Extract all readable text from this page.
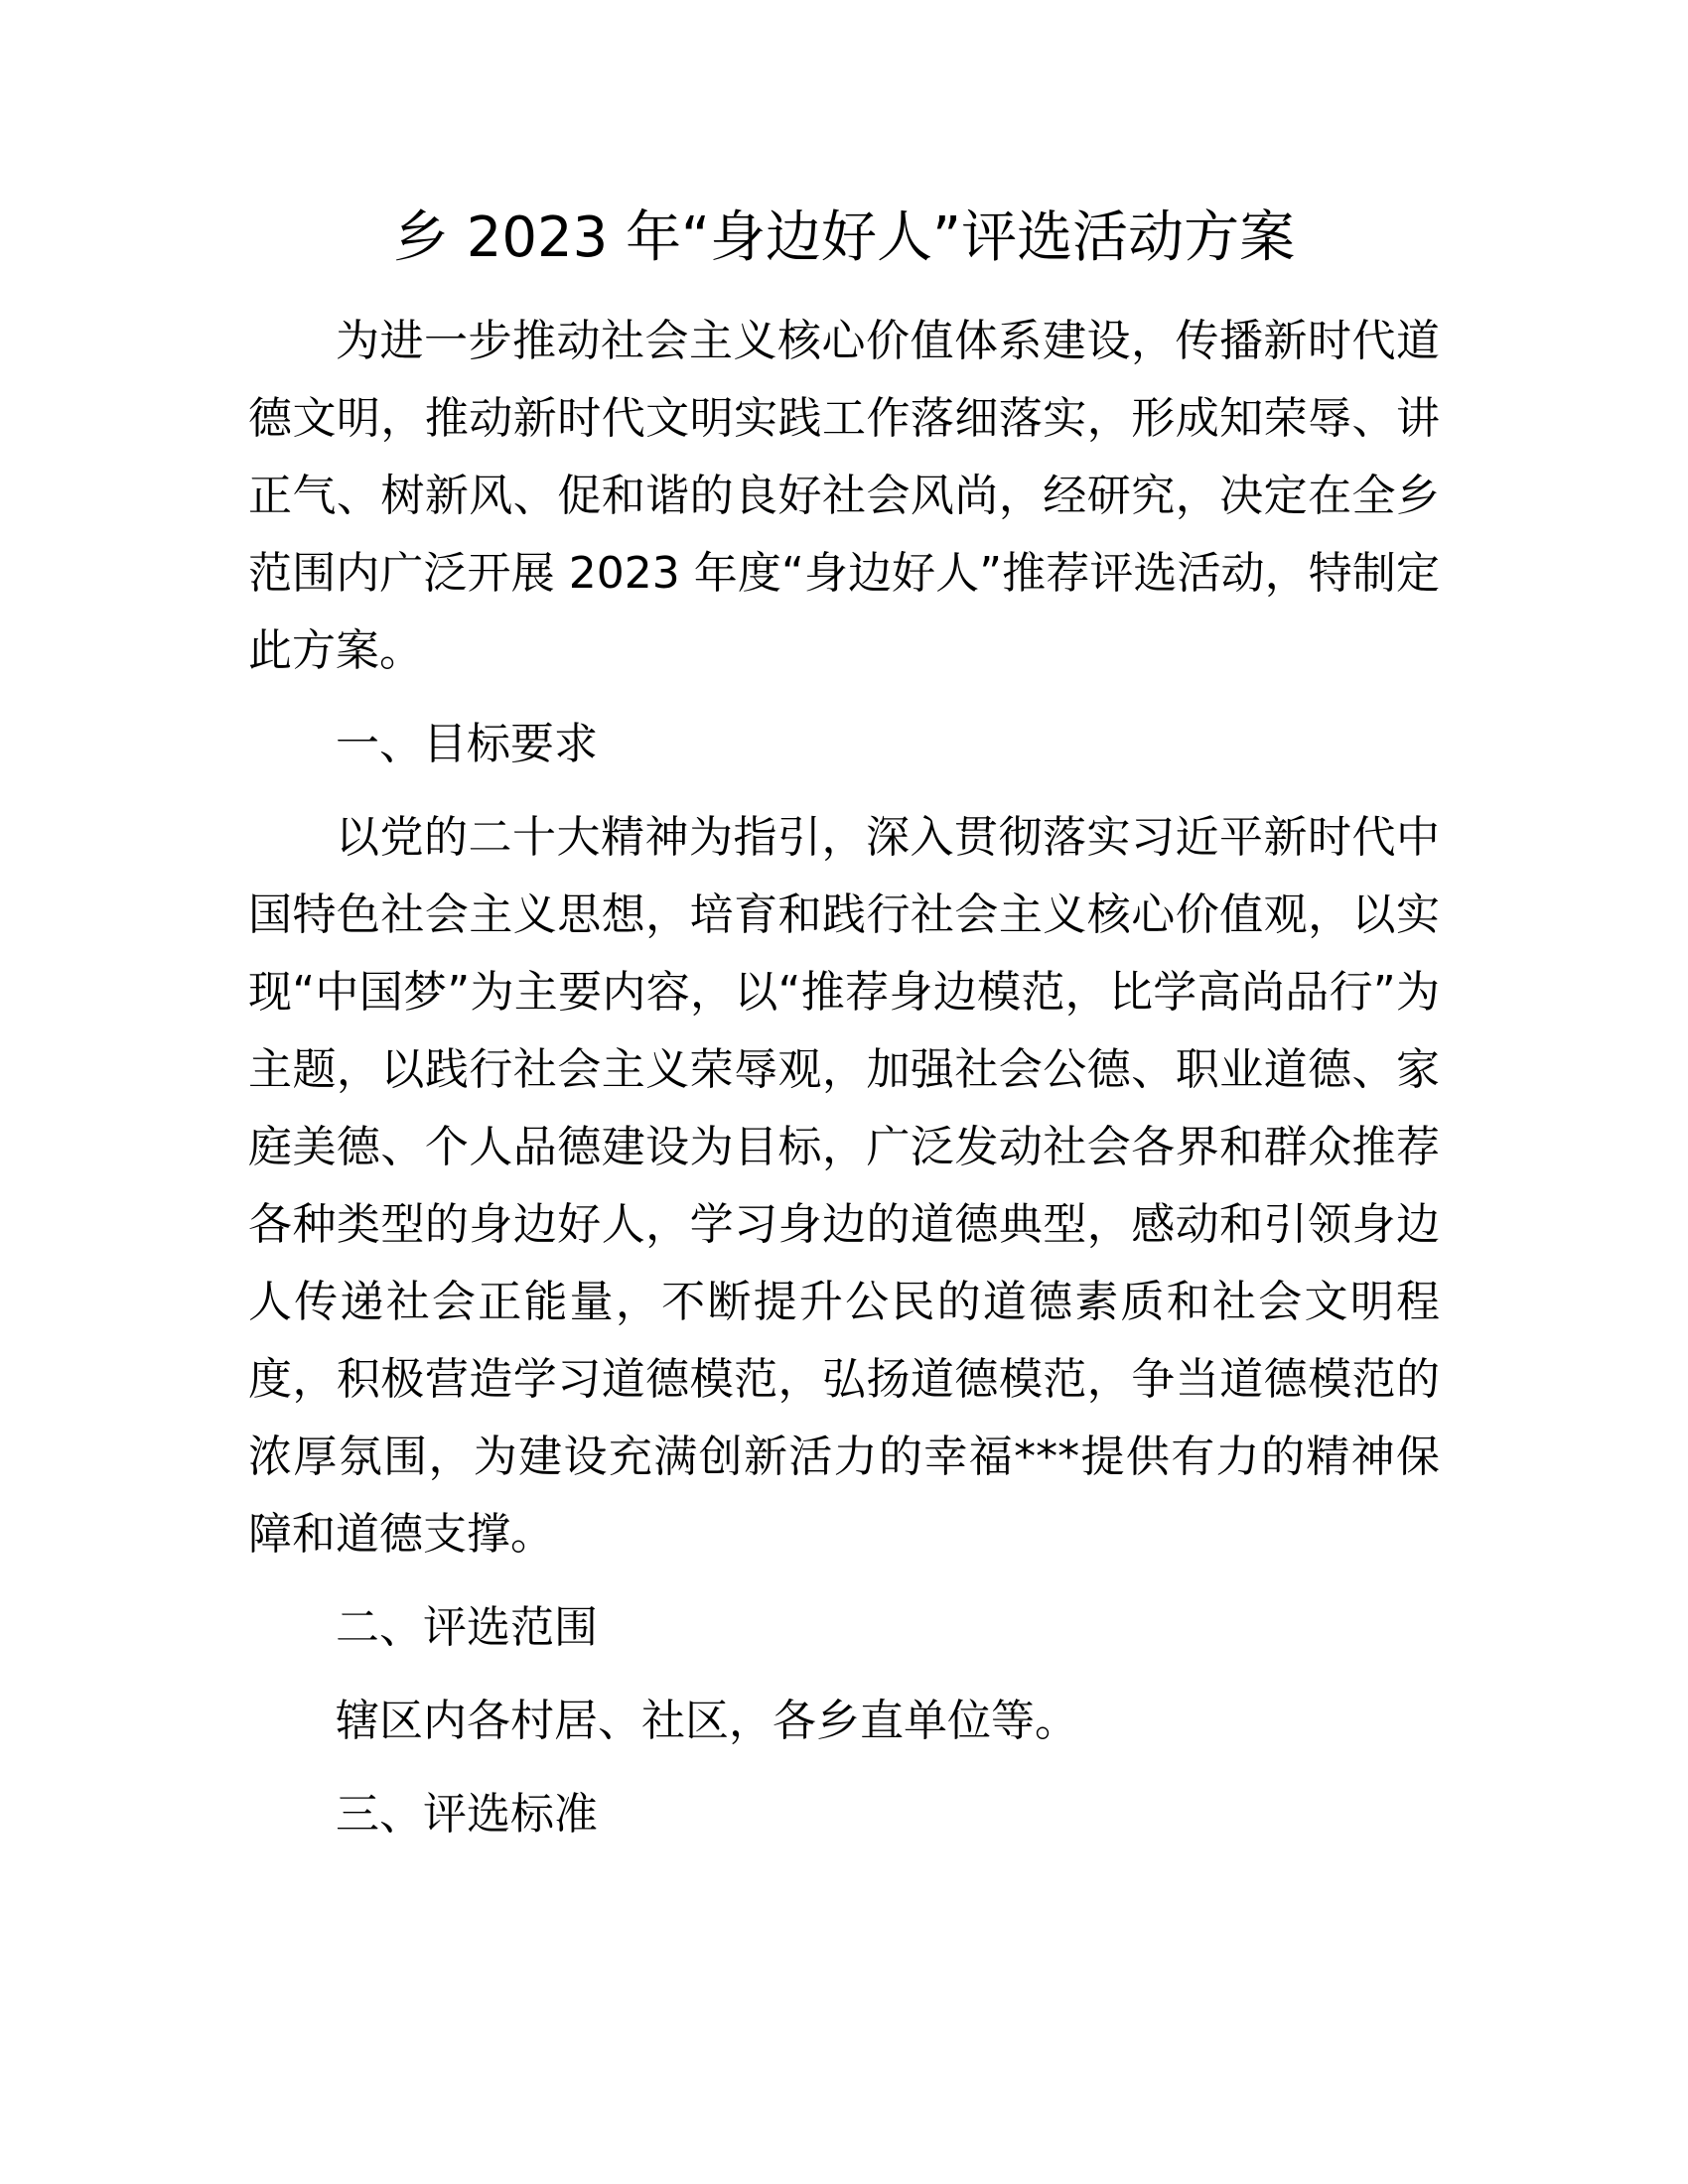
乡 2023 年“身边好人”评选活动方案

为进一步推动社会主义核心价值体系建设，传播新时代道德文明，推动新时代文明实践工作落细落实，形成知荣辱、讲正气、树新风、促和谐的良好社会风尚，经研究，决定在全乡范围内广泛开展 2023 年度“身边好人”推荐评选活动，特制定此方案。

一、目标要求

以党的二十大精神为指引，深入贯彻落实习近平新时代中国特色社会主义思想，培育和践行社会主义核心价值观，以实现“中国梦”为主要内容，以“推荐身边模范，比学高尚品行”为主题，以践行社会主义荣辱观，加强社会公德、职业道德、家庭美德、个人品德建设为目标，广泛发动社会各界和群众推荐各种类型的身边好人，学习身边的道德典型，感动和引领身边人传递社会正能量，不断提升公民的道德素质和社会文明程度，积极营造学习道德模范，弘扬道德模范，争当道德模范的浓厚氛围，为建设充满创新活力的幸福***提供有力的精神保障和道德支撑。

二、评选范围

辖区内各村居、社区，各乡直单位等。

三、评选标准
